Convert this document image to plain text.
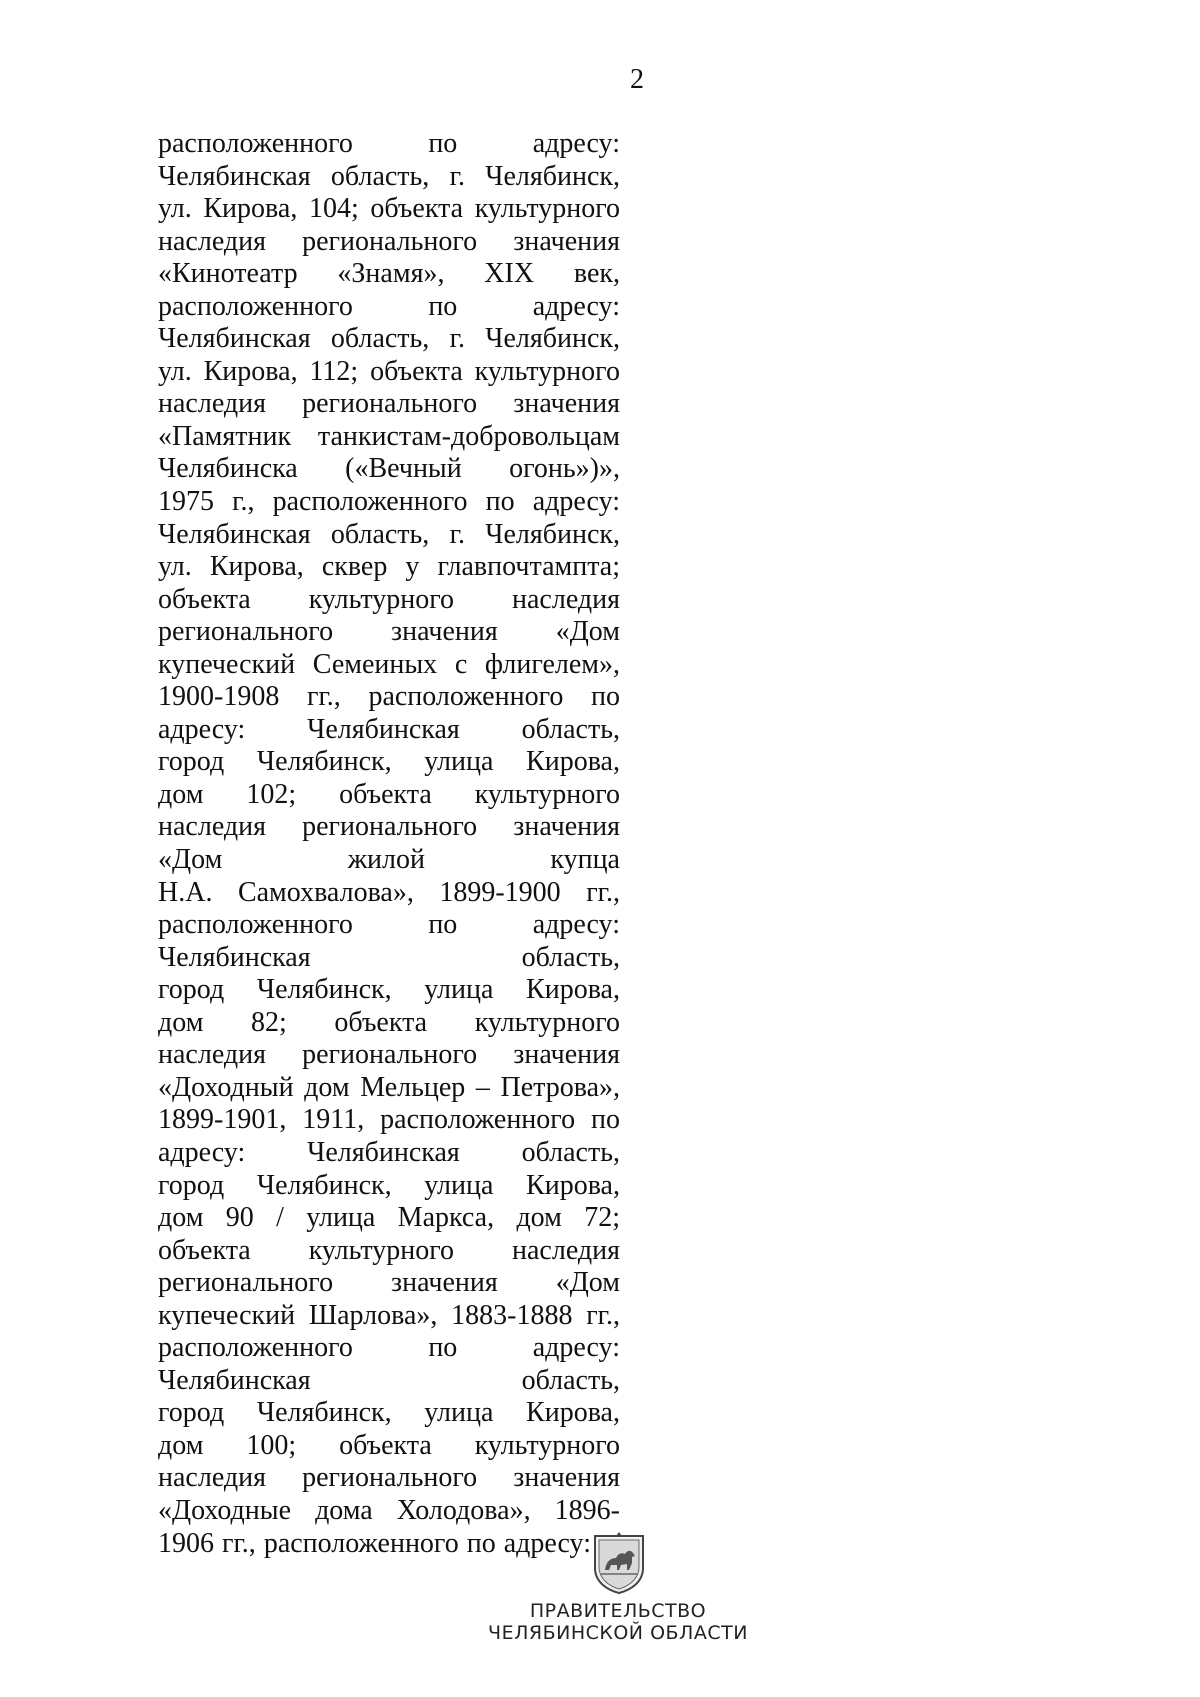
2
расположенного	по	адресу:
Челябинская область, г. Челябинск,
ул. Кирова, 104; объекта культурного
наследия регионального значения
«Кинотеатр «Знамя», XIX век,
расположенного	по	адресу:
Челябинская область, г. Челябинск,
ул. Кирова, 112; объекта культурного
наследия регионального значения
«Памятник танкистам-добровольцам
Челябинска («Вечный огонь»)»,
1975 г., расположенного по адресу:
Челябинская область, г. Челябинск,
ул. Кирова, сквер у главпочтампта;
объекта культурного наследия
регионального значения «Дом
купеческий Семеиных с флигелем»,
1900-1908 гг., расположенного по
адресу: Челябинская область,
город Челябинск, улица Кирова,
дом 102; объекта культурного
наследия регионального значения
«Дом	жилой	купца
Н.А. Самохвалова», 1899-1900 гг.,
расположенного	по	адресу:
Челябинская	область,
город Челябинск, улица Кирова,
дом 82; объекта культурного
наследия регионального значения
«Доходный дом Мельцер – Петрова»,
1899-1901, 1911, расположенного по
адресу: Челябинская область,
город Челябинск, улица Кирова,
дом 90 / улица Маркса, дом 72;
объекта культурного наследия
регионального значения «Дом
купеческий Шарлова», 1883-1888 гг.,
расположенного	по	адресу:
Челябинская	область,
город Челябинск, улица Кирова,
дом 100; объекта культурного
наследия регионального значения
«Доходные дома Холодова», 1896-
1906 гг., расположенного по адресу:
ПРАВИТЕЛЬСТВО
ЧЕЛЯБИНСКОЙ ОБЛАСТИ
